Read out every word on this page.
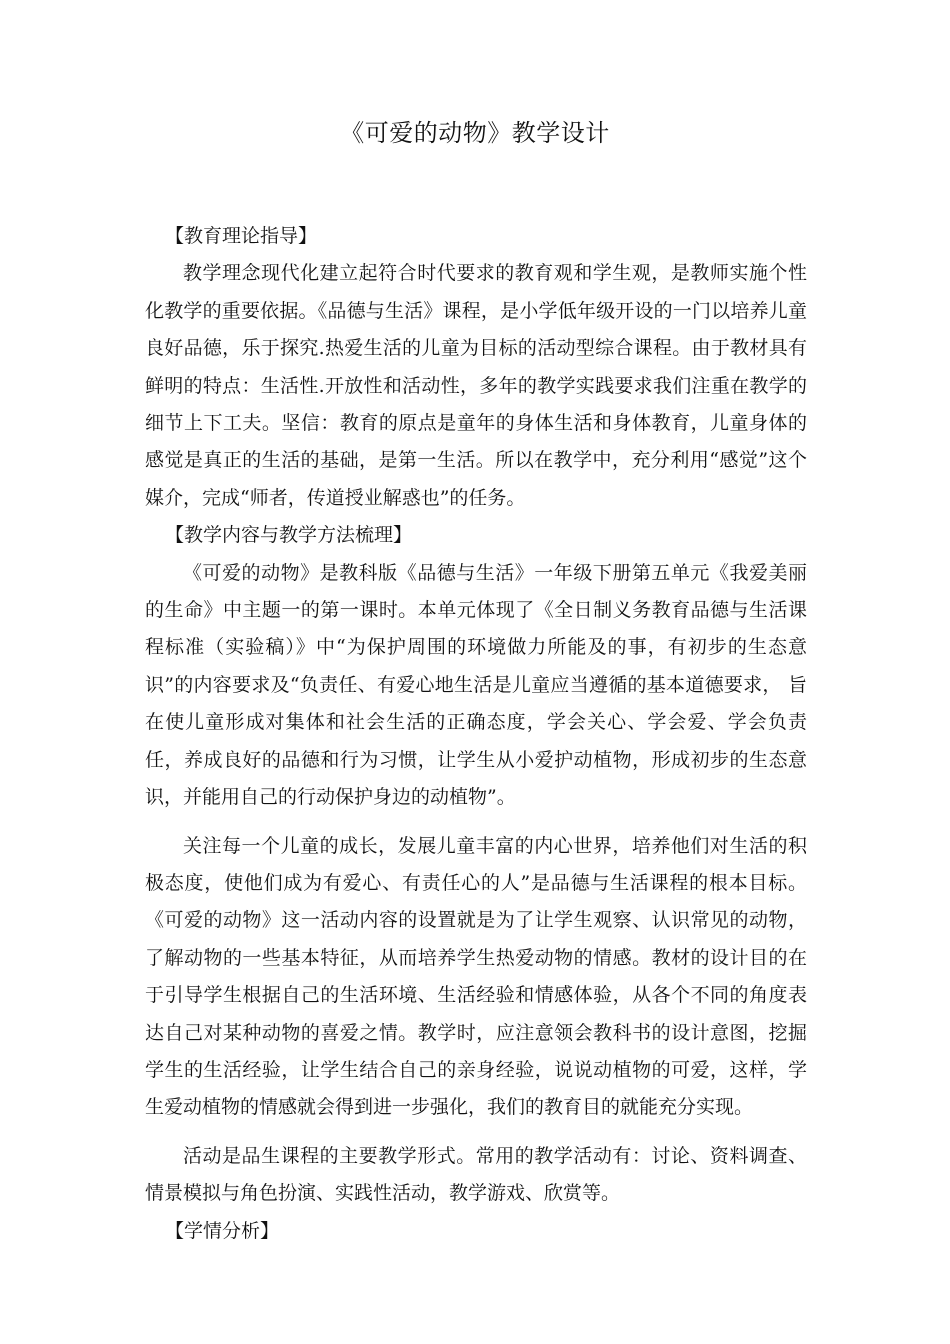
《可爱的动物》教学设计

【教育理论指导】

教学理念现代化建立起符合时代要求的教育观和学生观，是教师实施个性化教学的重要依据。《品德与生活》课程，是小学低年级开设的一门以培养儿童良好品德，乐于探究.热爱生活的儿童为目标的活动型综合课程。由于教材具有鲜明的特点：生活性.开放性和活动性，多年的教学实践要求我们注重在教学的细节上下工夫。坚信：教育的原点是童年的身体生活和身体教育，儿童身体的感觉是真正的生活的基础，是第一生活。所以在教学中，充分利用“感觉”这个媒介，完成“师者，传道授业解惑也”的任务。

【教学内容与教学方法梳理】

《可爱的动物》是教科版《品德与生活》一年级下册第五单元《我爱美丽的生命》中主题一的第一课时。本单元体现了《全日制义务教育品德与生活课程标准（实验稿）》中“为保护周围的环境做力所能及的事，有初步的生态意识”的内容要求及“负责任、有爱心地生活是儿童应当遵循的基本道德要求， 旨在使儿童形成对集体和社会生活的正确态度，学会关心、学会爱、学会负责任，养成良好的品德和行为习惯，让学生从小爱护动植物，形成初步的生态意识，并能用自己的行动保护身边的动植物”。

关注每一个儿童的成长，发展儿童丰富的内心世界，培养他们对生活的积极态度，使他们成为有爱心、有责任心的人”是品德与生活课程的根本目标。《可爱的动物》这一活动内容的设置就是为了让学生观察、认识常见的动物，了解动物的一些基本特征，从而培养学生热爱动物的情感。教材的设计目的在于引导学生根据自己的生活环境、生活经验和情感体验，从各个不同的角度表达自己对某种动物的喜爱之情。教学时，应注意领会教科书的设计意图，挖掘学生的生活经验，让学生结合自己的亲身经验，说说动植物的可爱，这样，学生爱动植物的情感就会得到进一步强化，我们的教育目的就能充分实现。

活动是品生课程的主要教学形式。常用的教学活动有：讨论、资料调查、情景模拟与角色扮演、实践性活动，教学游戏、欣赏等。

【学情分析】
